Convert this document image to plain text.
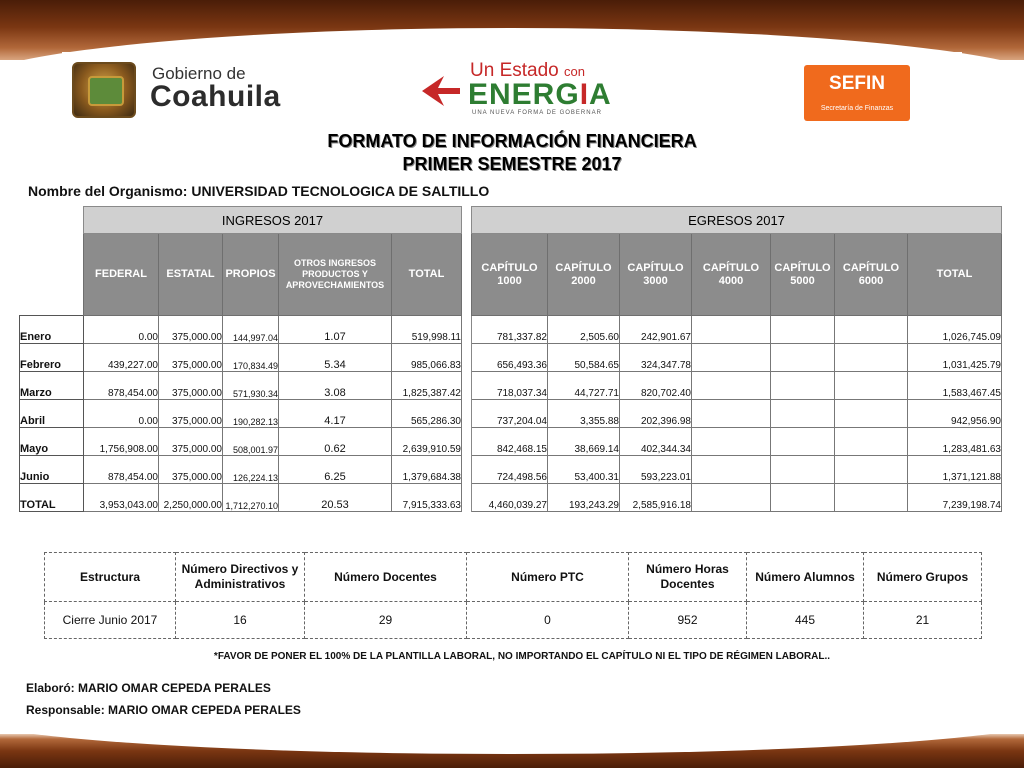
Gobierno de
Coahuila
Un Estado con
ENERGIA
UNA NUEVA FORMA DE GOBERNAR
SEFIN
Secretaría de Finanzas
FORMATO DE INFORMACIÓN FINANCIERA
PRIMER SEMESTRE 2017
Nombre del Organismo: UNIVERSIDAD TECNOLOGICA DE SALTILLO
	INGRESOS 2017						EGRESOS 2017						
	FEDERAL	ESTATAL	PROPIOS	OTROS INGRESOS PRODUCTOS Y APROVECHAMIENTOS	TOTAL		CAPÍTULO 1000	CAPÍTULO 2000	CAPÍTULO 3000	CAPÍTULO 4000	CAPÍTULO 5000	CAPÍTULO 6000	TOTAL
Enero	0.00	375,000.00	144,997.04	1.07	519,998.11		781,337.82	2,505.60	242,901.67				1,026,745.09
Febrero	439,227.00	375,000.00	170,834.49	5.34	985,066.83		656,493.36	50,584.65	324,347.78				1,031,425.79
Marzo	878,454.00	375,000.00	571,930.34	3.08	1,825,387.42		718,037.34	44,727.71	820,702.40				1,583,467.45
Abril	0.00	375,000.00	190,282.13	4.17	565,286.30		737,204.04	3,355.88	202,396.98				942,956.90
Mayo	1,756,908.00	375,000.00	508,001.97	0.62	2,639,910.59		842,468.15	38,669.14	402,344.34				1,283,481.63
Junio	878,454.00	375,000.00	126,224.13	6.25	1,379,684.38		724,498.56	53,400.31	593,223.01				1,371,121.88
TOTAL	3,953,043.00	2,250,000.00	1,712,270.10	20.53	7,915,333.63		4,460,039.27	193,243.29	2,585,916.18				7,239,198.74
Estructura	Número Directivos y Administrativos	Número Docentes	Número PTC	Número Horas Docentes	Número Alumnos	Número Grupos
Cierre Junio 2017	16	29	0	952	445	21
*FAVOR DE PONER EL 100% DE LA PLANTILLA LABORAL, NO IMPORTANDO EL CAPÍTULO NI EL TIPO DE RÉGIMEN LABORAL..
Elaboró: MARIO OMAR CEPEDA PERALES
Responsable: MARIO OMAR CEPEDA PERALES
